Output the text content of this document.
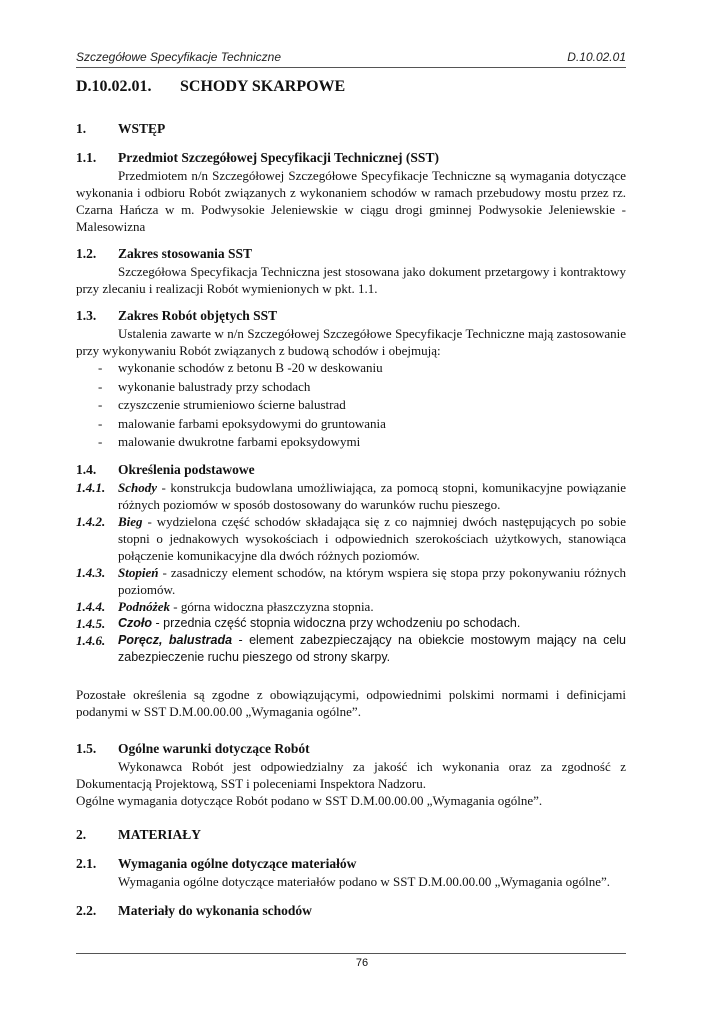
Szczegółowe Specyfikacje Techniczne	D.10.02.01
D.10.02.01. SCHODY SKARPOWE
1. WSTĘP
1.1. Przedmiot Szczegółowej Specyfikacji Technicznej (SST)

Przedmiotem n/n Szczegółowej Szczegółowe Specyfikacje Techniczne są wymagania dotyczące wykonania i odbioru Robót związanych z wykonaniem schodów w ramach przebudowy mostu przez rz. Czarna Hańcza w m. Podwysokie Jeleniewskie w ciągu drogi gminnej Podwysokie Jeleniewskie - Malesowizna

1.2. Zakres stosowania SST

Szczegółowa Specyfikacja Techniczna jest stosowana jako dokument przetargowy i kontraktowy przy zlecaniu i realizacji Robót wymienionych w pkt. 1.1.

1.3. Zakres Robót objętych SST

Ustalenia zawarte w n/n Szczegółowej Szczegółowe Specyfikacje Techniczne mają zastosowanie przy wykonywaniu Robót związanych z budową schodów i obejmują:

-	wykonanie schodów z betonu B -20 w deskowaniu
-	wykonanie balustrady przy schodach
-	czyszczenie strumieniowo ścierne balustrad
-	malowanie farbami epoksydowymi do gruntowania
-	malowanie dwukrotne farbami epoksydowymi
1.4. Określenia podstawowe
1.4.1. Schody - konstrukcja budowlana umożliwiająca, za pomocą stopni, komunikacyjne powiązanie różnych poziomów w sposób dostosowany do warunków ruchu pieszego.
1.4.2. Bieg - wydzielona część schodów składająca się z co najmniej dwóch następujących po sobie stopni o jednakowych wysokościach i odpowiednich szerokościach użytkowych, stanowiąca połączenie komunikacyjne dla dwóch różnych poziomów.
1.4.3. Stopień - zasadniczy element schodów, na którym wspiera się stopa przy pokonywaniu różnych poziomów.
1.4.4. Podnóżek - górna widoczna płaszczyzna stopnia.
1.4.5.	Czoło - przednia część stopnia widoczna przy wchodzeniu po schodach.
1.4.6.	Poręcz, balustrada - element zabezpieczający na obiekcie mostowym mający na celu zabezpieczenie ruchu pieszego od strony skarpy.

Pozostałe określenia są zgodne z obowiązującymi, odpowiednimi polskimi normami i definicjami podanymi w SST D.M.00.00.00 „Wymagania ogólne”.

1.5. Ogólne warunki dotyczące Robót

Wykonawca Robót jest odpowiedzialny za jakość ich wykonania oraz za zgodność z Dokumentacją Projektową, SST i poleceniami Inspektora Nadzoru.

Ogólne wymagania dotyczące Robót podano w SST D.M.00.00.00 „Wymagania ogólne”.

2. MATERIAŁY
2.1. Wymagania ogólne dotyczące materiałów

Wymagania ogólne dotyczące materiałów podano w SST D.M.00.00.00 „Wymagania ogólne”.

2.2. Materiały do wykonania schodów
76
